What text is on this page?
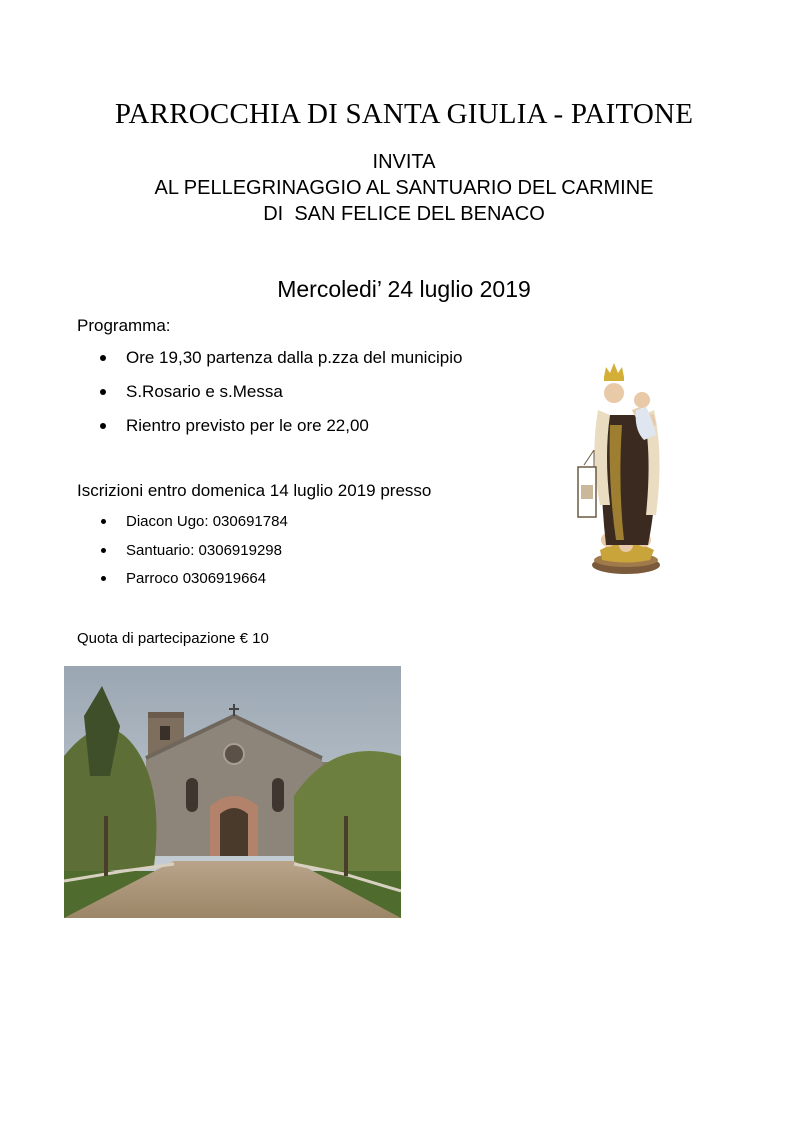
PARROCCHIA DI SANTA GIULIA - PAITONE
INVITA
AL PELLEGRINAGGIO AL SANTUARIO DEL CARMINE
DI  SAN FELICE DEL BENACO
Mercoledi’ 24 luglio 2019
Programma:
Ore 19,30 partenza dalla p.zza del municipio
S.Rosario e s.Messa
Rientro previsto per le ore 22,00
Iscrizioni entro domenica 14 luglio 2019 presso
Diacon Ugo: 030691784
Santuario: 0306919298
Parroco 0306919664
Quota di partecipazione € 10
